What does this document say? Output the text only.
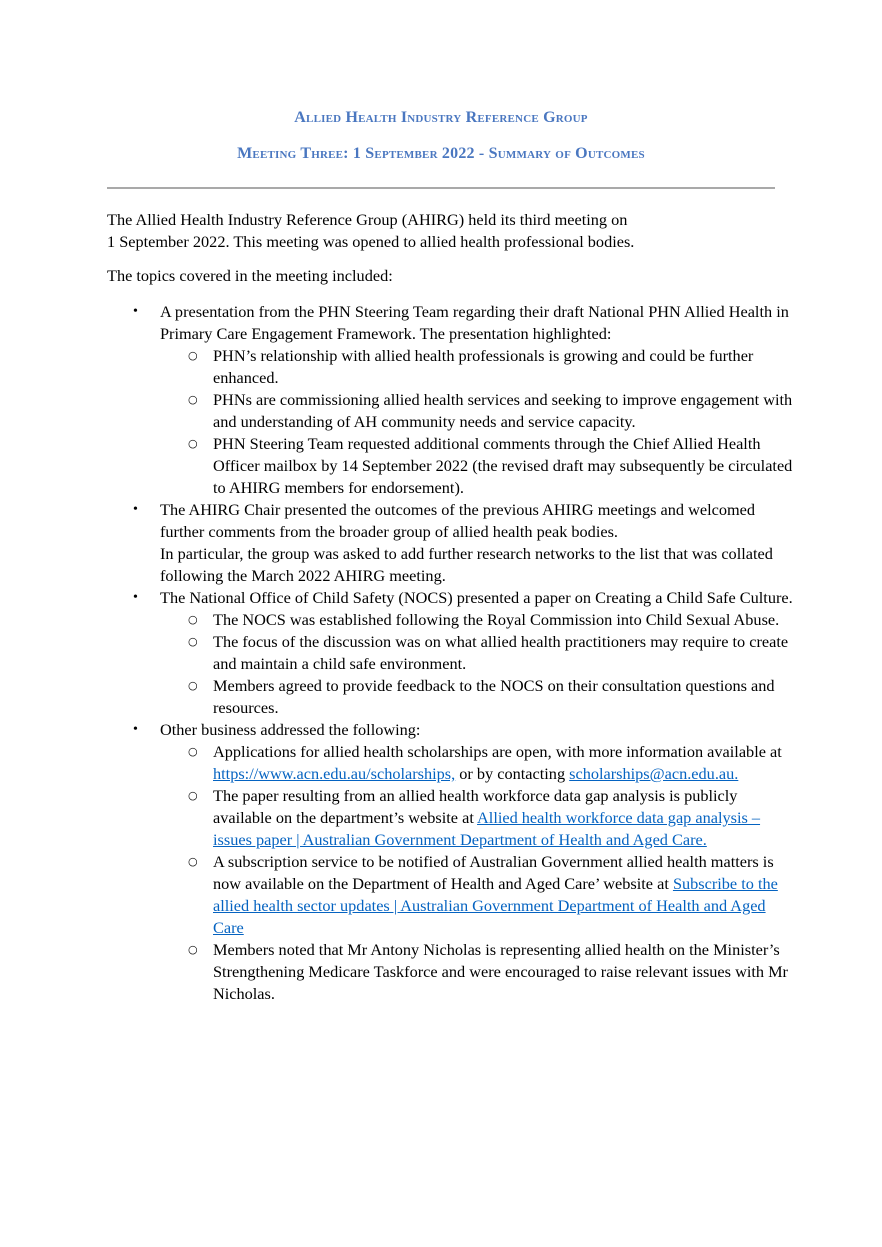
Allied Health Industry Reference Group
Meeting Three: 1 September 2022 - Summary of Outcomes

The Allied Health Industry Reference Group (AHIRG) held its third meeting on
1 September 2022. This meeting was opened to allied health professional bodies.

The topics covered in the meeting included:

• A presentation from the PHN Steering Team regarding their draft National PHN Allied Health in Primary Care Engagement Framework. The presentation highlighted:
○ PHN’s relationship with allied health professionals is growing and could be further enhanced.
○ PHNs are commissioning allied health services and seeking to improve engagement with and understanding of AH community needs and service capacity.
○ PHN Steering Team requested additional comments through the Chief Allied Health Officer mailbox by 14 September 2022 (the revised draft may subsequently be circulated to AHIRG members for endorsement).
• The AHIRG Chair presented the outcomes of the previous AHIRG meetings and welcomed further comments from the broader group of allied health peak bodies.
In particular, the group was asked to add further research networks to the list that was collated following the March 2022 AHIRG meeting.
• The National Office of Child Safety (NOCS) presented a paper on Creating a Child Safe Culture.
○ The NOCS was established following the Royal Commission into Child Sexual Abuse.
○ The focus of the discussion was on what allied health practitioners may require to create and maintain a child safe environment.
○ Members agreed to provide feedback to the NOCS on their consultation questions and resources.
• Other business addressed the following:
○ Applications for allied health scholarships are open, with more information available at https://www.acn.edu.au/scholarships, or by contacting scholarships@acn.edu.au.
○ The paper resulting from an allied health workforce data gap analysis is publicly available on the department’s website at Allied health workforce data gap analysis – issues paper | Australian Government Department of Health and Aged Care.
○ A subscription service to be notified of Australian Government allied health matters is now available on the Department of Health and Aged Care’ website at Subscribe to the allied health sector updates | Australian Government Department of Health and Aged Care
○ Members noted that Mr Antony Nicholas is representing allied health on the Minister’s Strengthening Medicare Taskforce and were encouraged to raise relevant issues with Mr Nicholas.
